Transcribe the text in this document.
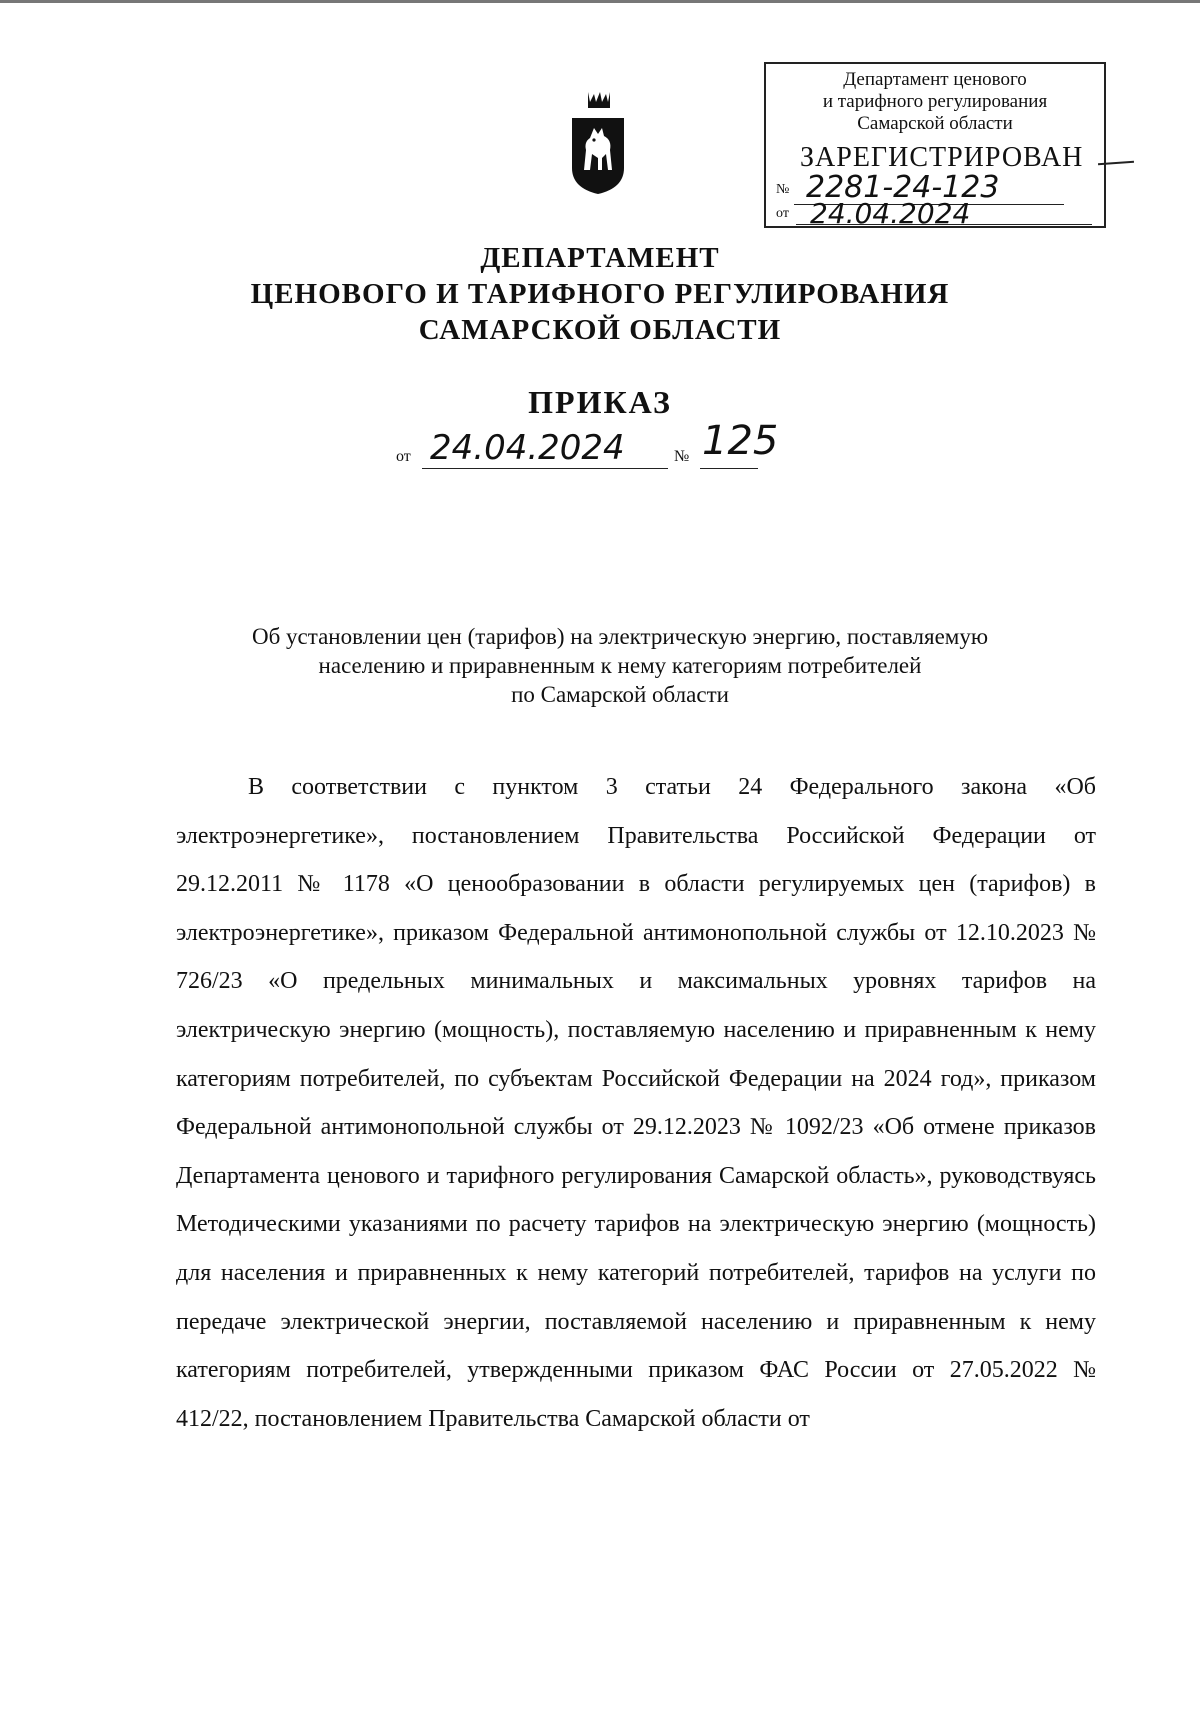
Департамент ценового
и тарифного регулирования
Самарской области
ЗАРЕГИСТРИРОВАН
№ 2281-24-123
от 24.04.2024
ДЕПАРТАМЕНТ
ЦЕНОВОГО И ТАРИФНОГО РЕГУЛИРОВАНИЯ
САМАРСКОЙ ОБЛАСТИ
ПРИКАЗ
от 24.04.2024	№ 125
Об установлении цен (тарифов) на электрическую энергию, поставляемую
населению и приравненным к нему категориям потребителей
по Самарской области

В соответствии с пунктом 3 статьи 24 Федерального закона «Об электроэнергетике», постановлением Правительства Российской Федерации от 29.12.2011 № 1178 «О ценообразовании в области регулируемых цен (тарифов) в электроэнергетике», приказом Федеральной антимонопольной службы от 12.10.2023 № 726/23 «О предельных минимальных и максимальных уровнях тарифов на электрическую энергию (мощность), поставляемую населению и приравненным к нему категориям потребителей, по субъектам Российской Федерации на 2024 год», приказом Федеральной антимонопольной службы от 29.12.2023 № 1092/23 «Об отмене приказов Департамента ценового и тарифного регулирования Самарской область», руководствуясь Методическими указаниями по расчету тарифов на электрическую энергию (мощность) для населения и приравненных к нему категорий потребителей, тарифов на услуги по передаче электрической энергии, поставляемой населению и приравненным к нему категориям потребителей, утвержденными приказом ФАС России от 27.05.2022 № 412/22, постановлением Правительства Самарской области от
